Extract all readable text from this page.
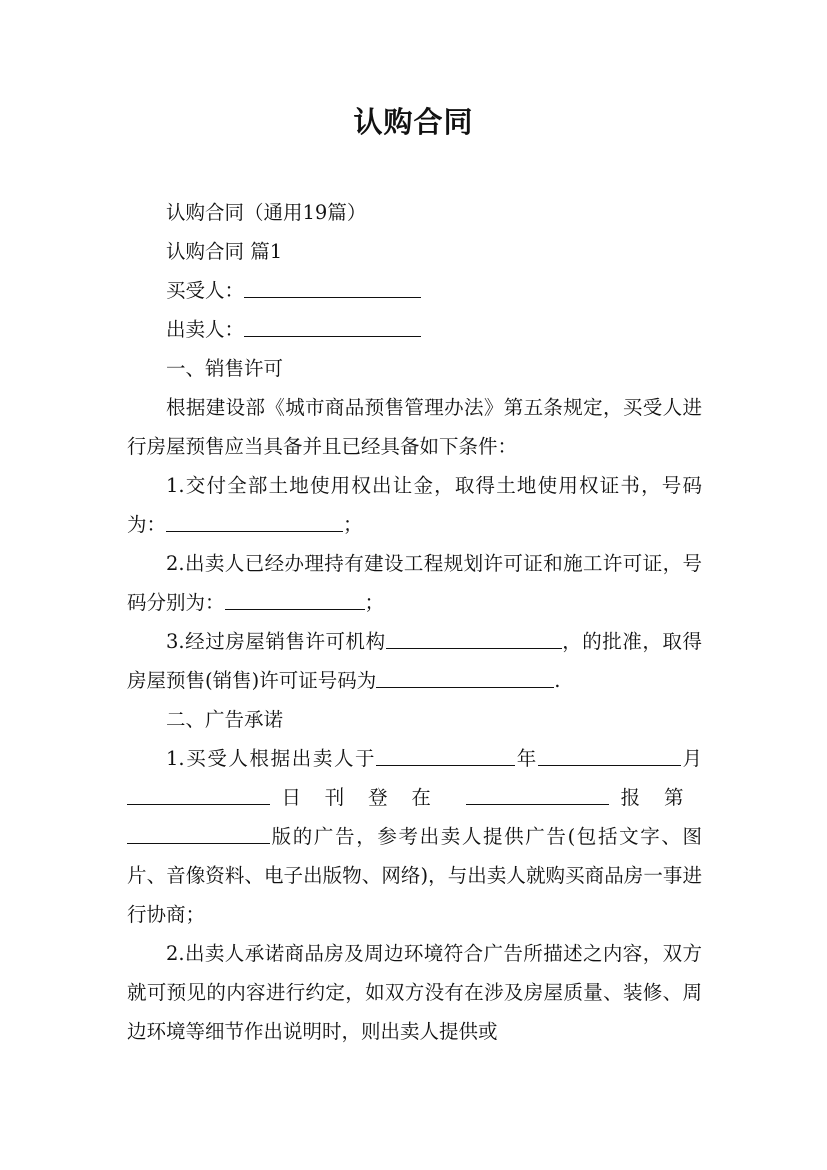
认购合同

认购合同（通用19篇）

认购合同 篇1

买受人：

出卖人：

一、销售许可

根据建设部《城市商品预售管理办法》第五条规定，买受人进行房屋预售应当具备并且已经具备如下条件：

1.交付全部土地使用权出让金，取得土地使用权证书，号码为：	；

2.出卖人已经办理持有建设工程规划许可证和施工许可证，号码分别为：	；

3.经过房屋销售许可机构	，的批准，取得房屋预售(销售)许可证号码为	.

二、广告承诺

1.买受人根据出卖人于	年	月  日刊登在	报第版的广告，参考出卖人提供广告(包括文字、图片、音像资料、电子出版物、网络)，与出卖人就购买商品房一事进行协商；

2.出卖人承诺商品房及周边环境符合广告所描述之内容，双方就可预见的内容进行约定，如双方没有在涉及房屋质量、装修、周边环境等细节作出说明时，则出卖人提供或
